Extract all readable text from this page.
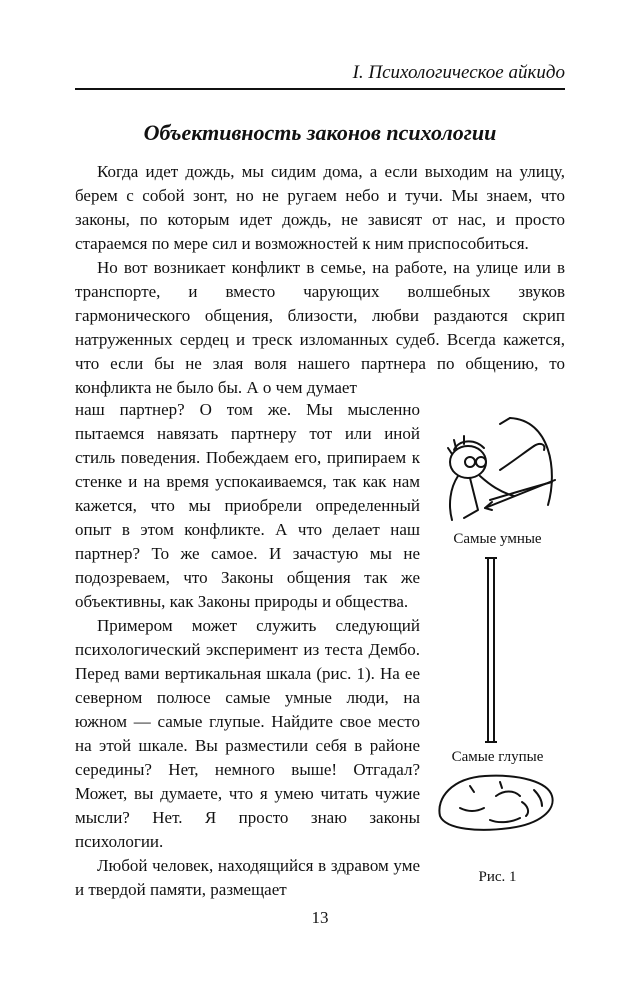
I. Психологическое айкидо
Объективность законов психологии

Когда идет дождь, мы сидим дома, а если выходим на улицу, берем с собой зонт, но не ругаем небо и тучи. Мы знаем, что законы, по которым идет дождь, не зависят от нас, и просто стараемся по мере сил и возможностей к ним приспособиться.

Но вот возникает конфликт в семье, на работе, на улице или в транспорте, и вместо чарующих волшебных звуков гармонического общения, близости, любви раздаются скрип натруженных сердец и треск изломанных судеб. Всегда кажется, что если бы не злая воля нашего партнера по общению, то конфликта не было бы. А о чем думает

наш партнер? О том же. Мы мысленно пытаемся навязать партнеру тот или иной стиль поведения. Побеждаем его, припираем к стенке и на время успокаиваемся, так как нам кажется, что мы приобрели определенный опыт в этом конфликте. А что делает наш партнер? То же самое. И зачастую мы не подозреваем, что Законы общения так же объективны, как Законы природы и общества.

Примером может служить следующий психологический эксперимент из теста Дембо. Перед вами вертикальная шкала (рис. 1). На ее северном полюсе самые умные люди, на южном — самые глупые. Найдите свое место на этой шкале. Вы разместили себя в районе середины? Нет, немного выше! Отгадал? Может, вы думаете, что я умею читать чужие мысли? Нет. Я просто знаю законы психологии.

Любой человек, находящийся в здравом уме и твердой памяти, размещает

Самые умные
Самые глупые
Рис. 1
13
